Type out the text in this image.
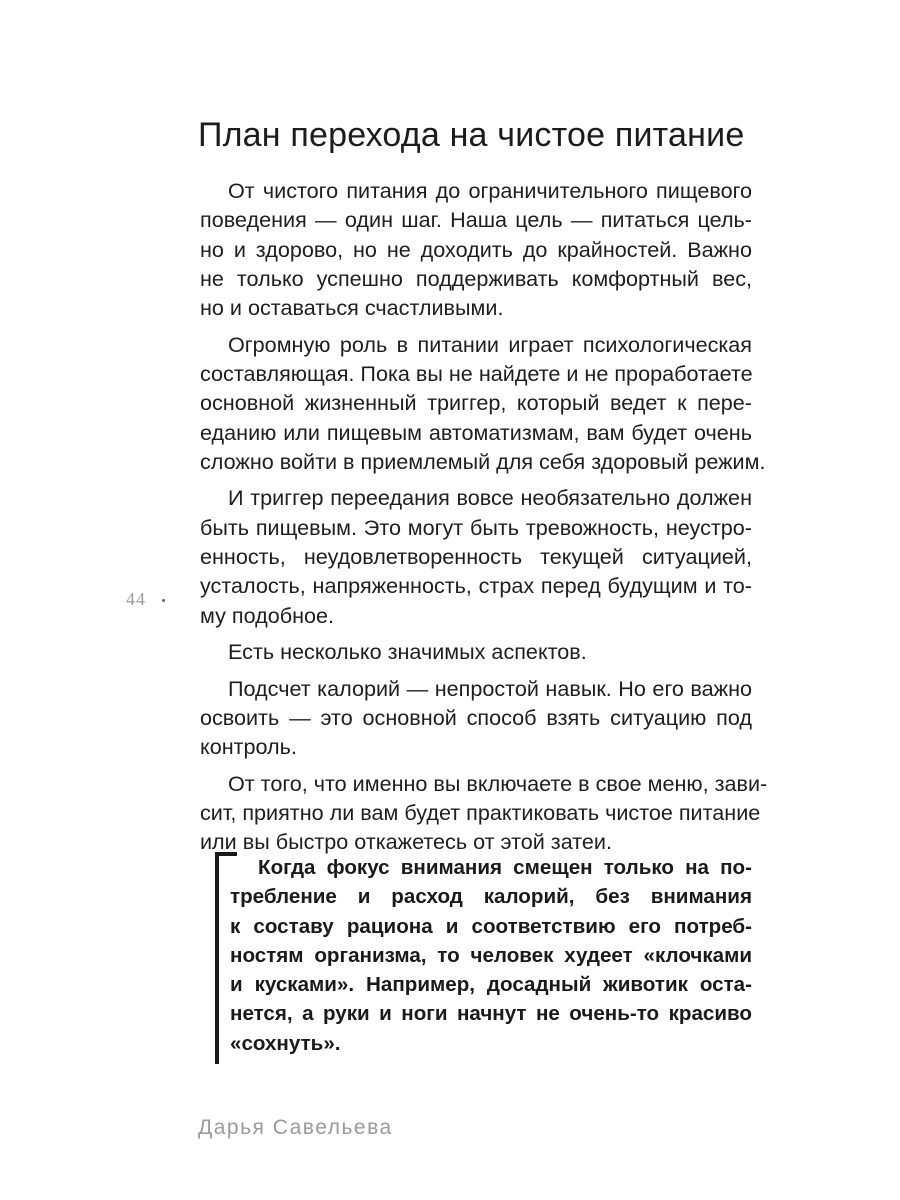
План перехода на чистое питание
От чистого питания до ограничительного пищевого
поведения — один шаг. Наша цель — питаться цель-
но и здорово, но не доходить до крайностей. Важно
не только успешно поддерживать комфортный вес,
но и оставаться счастливыми.
Огромную роль в питании играет психологическая
составляющая. Пока вы не найдете и не проработаете
основной жизненный триггер, который ведет к пере-
еданию или пищевым автоматизмам, вам будет очень
сложно войти в приемлемый для себя здоровый режим.
И триггер переедания вовсе необязательно должен
быть пищевым. Это могут быть тревожность, неустро-
енность, неудовлетворенность текущей ситуацией,
усталость, напряженность, страх перед будущим и то-
му подобное.
Есть несколько значимых аспектов.
Подсчет калорий — непростой навык. Но его важно
освоить — это основной способ взять ситуацию под
контроль.
От того, что именно вы включаете в свое меню, зави-
сит, приятно ли вам будет практиковать чистое питание
или вы быстро откажетесь от этой затеи.
44
Когда фокус внимания смещен только на по-
требление и расход калорий, без внимания
к составу рациона и соответствию его потреб-
ностям организма, то человек худеет «клочками
и кусками». Например, досадный животик оста-
нется, а руки и ноги начнут не очень-то красиво
«сохнуть».
Дарья Савельева
